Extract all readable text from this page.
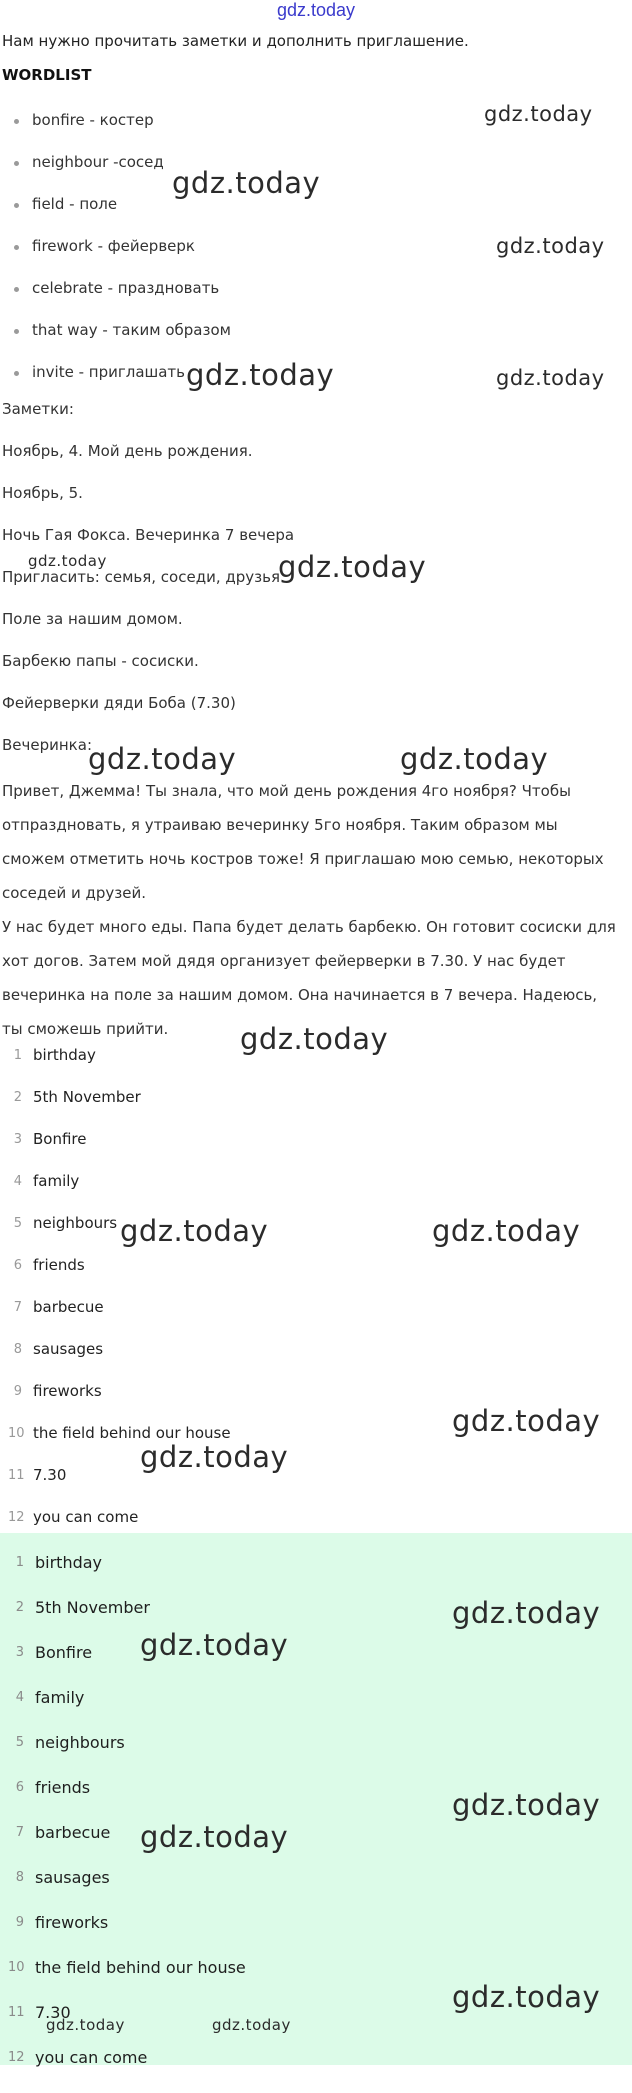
gdz.today
Нам нужно прочитать заметки и дополнить приглашение.
WORDLIST
bonfire - костер
neighbour -сосед
field - поле
firework - фейерверк
celebrate - праздновать
that way - таким образом
invite - приглашать
Заметки:
Ноябрь, 4. Мой день рождения.
Ноябрь, 5.
Ночь Гая Фокса. Вечеринка 7 вечера
Пригласить: семья, соседи, друзья.
Поле за нашим домом.
Барбекю папы - сосиски.
Фейерверки дяди Боба (7.30)
Вечеринка:

Привет, Джемма! Ты знала, что мой день рождения 4го ноября? Чтобы отпраздновать, я утраиваю вечеринку 5го ноября. Таким образом мы сможем отметить ночь костров тоже! Я приглашаю мою семью, некоторых соседей и друзей.

У нас будет много еды. Папа будет делать барбекю. Он готовит сосиски для хот догов. Затем мой дядя организует фейерверки в 7.30. У нас будет вечеринка на поле за нашим домом. Она начинается в 7 вечера. Надеюсь, ты сможешь прийти.

1 birthday
2 5th November
3 Bonfire
4 family
5 neighbours
6 friends
7 barbecue
8 sausages
9 fireworks
10 the field behind our house
11 7.30
12 you can come
1 birthday
2 5th November
3 Bonfire
4 family
5 neighbours
6 friends
7 barbecue
8 sausages
9 fireworks
10 the field behind our house
11 7.30
12 you can come
gdz.today
gdz.today
gdz.today
gdz.today	gdz.today
gdz.today	gdz.today
gdz.today	gdz.today
gdz.today
gdz.today	gdz.today
gdz.today
gdz.today
gdz.today
gdz.today
gdz.today
gdz.today
gdz.today
gdz.today	gdz.today
